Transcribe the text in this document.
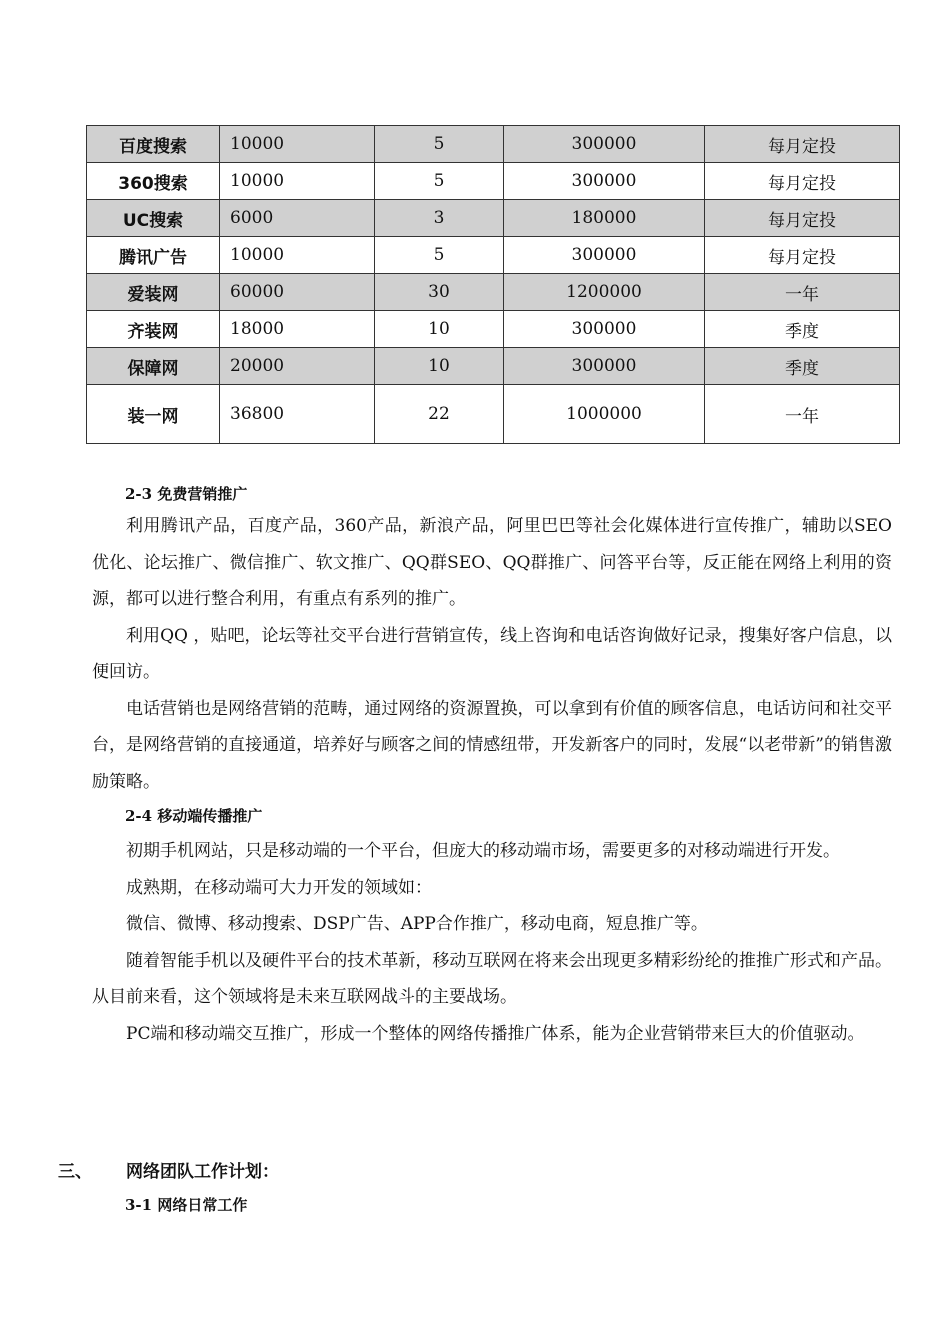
百度搜索	10000	5	300000	每月定投
360搜索	10000	5	300000	每月定投
UC搜索	6000	3	180000	每月定投
腾讯广告	10000	5	300000	每月定投
爱装网	60000	30	1200000	一年
齐装网	18000	10	300000	季度
保障网	20000	10	300000	季度
装一网	36800	22	1000000	一年
2-3 免费营销推广

利用腾讯产品，百度产品，360产品，新浪产品，阿里巴巴等社会化媒体进行宣传推广，辅助以SEO优化、论坛推广、微信推广、软文推广、QQ群SEO、QQ群推广、问答平台等，反正能在网络上利用的资源，都可以进行整合利用，有重点有系列的推广。

利用QQ ，贴吧，论坛等社交平台进行营销宣传，线上咨询和电话咨询做好记录，搜集好客户信息，以便回访。

电话营销也是网络营销的范畴，通过网络的资源置换，可以拿到有价值的顾客信息，电话访问和社交平台，是网络营销的直接通道，培养好与顾客之间的情感纽带，开发新客户的同时，发展“以老带新”的销售激励策略。

2-4 移动端传播推广

初期手机网站，只是移动端的一个平台，但庞大的移动端市场，需要更多的对移动端进行开发。

成熟期，在移动端可大力开发的领域如：

微信、微博、移动搜索、DSP广告、APP合作推广，移动电商，短息推广等。

随着智能手机以及硬件平台的技术革新，移动互联网在将来会出现更多精彩纷纶的推推广形式和产品。从目前来看，这个领域将是未来互联网战斗的主要战场。

PC端和移动端交互推广，形成一个整体的网络传播推广体系，能为企业营销带来巨大的价值驱动。

三、 网络团队工作计划：
3-1 网络日常工作
